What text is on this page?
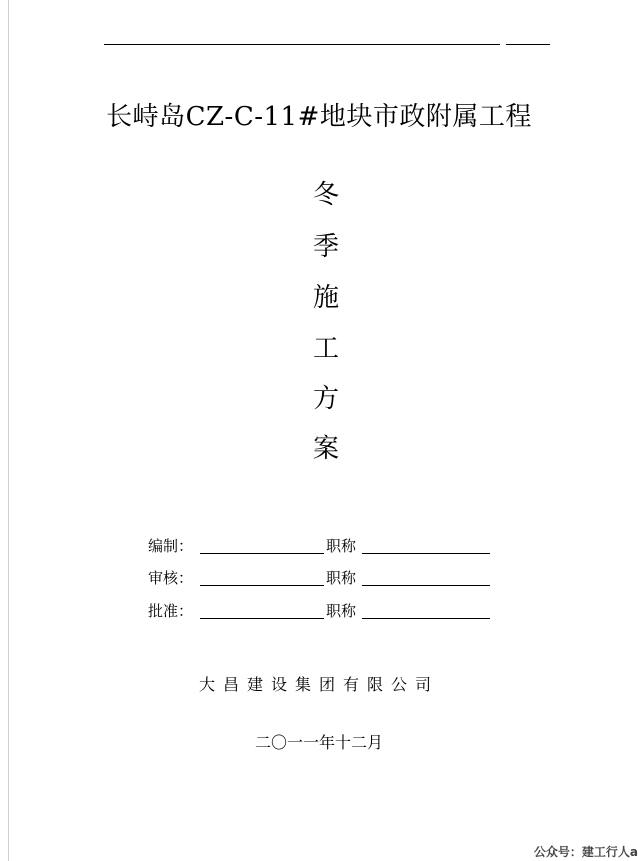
长峙岛CZ-C-11#地块市政附属工程
冬
季
施
工
方
案
编制：	职称
审核：	职称
批准：	职称
大昌建设集团有限公司
二〇一一年十二月
公众号：建工行人a
